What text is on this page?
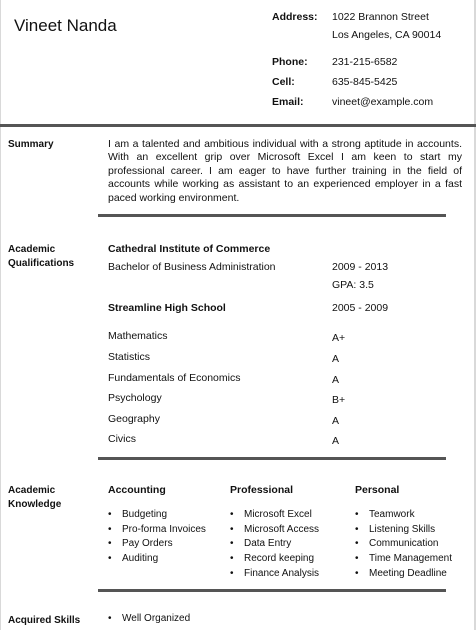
Vineet Nanda	Address: 1022 Brannon Street
Los Angeles, CA 90014
Phone: 231-215-6582
Cell:	635-845-5425
Email:	vineet@example.com
Summary	I am a talented and ambitious individual with a strong aptitude in accounts. With an excellent grip over Microsoft Excel I am keen to start my professional career. I am eager to have further training in the field of accounts while working as assistant to an experienced employer in a fast paced working environment.
Academic
Qualifications
Cathedral Institute of Commerce
Bachelor of Business Administration	2009 - 2013
GPA: 3.5
Streamline High School	2005 - 2009
Mathematics	A+
Statistics	A
Fundamentals of Economics	A
Psychology	B+
Geography	A
Civics	A
Academic
Knowledge
Accounting
• Budgeting
• Pro-forma Invoices
• Pay Orders
• Auditing
Professional
• Microsoft Excel
• Microsoft Access
• Data Entry
• Record keeping
• Finance Analysis
Personal
• Teamwork
• Listening Skills
• Communication
• Time Management
• Meeting Deadline
Acquired Skills
•	Well Organized
